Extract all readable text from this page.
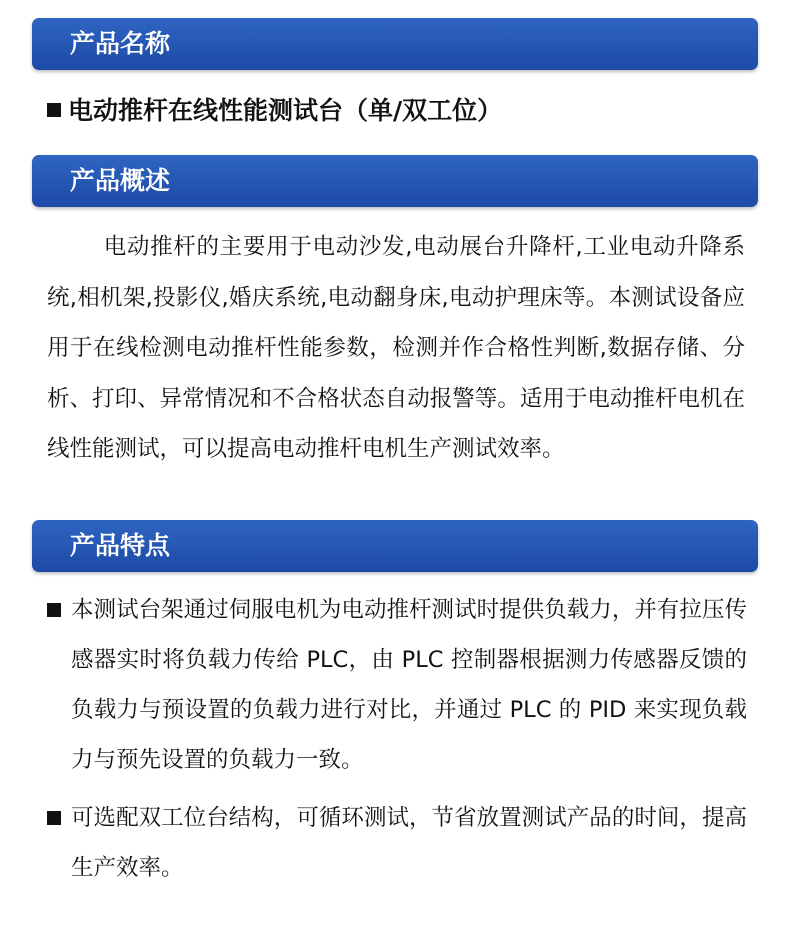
产品名称
电动推杆在线性能测试台（单/双工位）
产品概述

电动推杆的主要用于电动沙发,电动展台升降杆,工业电动升降系统,相机架,投影仪,婚庆系统,电动翻身床,电动护理床等。本测试设备应用于在线检测电动推杆性能参数，检测并作合格性判断,数据存储、分析、打印、异常情况和不合格状态自动报警等。适用于电动推杆电机在线性能测试，可以提高电动推杆电机生产测试效率。

产品特点
本测试台架通过伺服电机为电动推杆测试时提供负载力，并有拉压传感器实时将负载力传给 PLC，由 PLC 控制器根据测力传感器反馈的负载力与预设置的负载力进行对比，并通过 PLC 的 PID 来实现负载力与预先设置的负载力一致。
可选配双工位台结构，可循环测试，节省放置测试产品的时间，提高生产效率。
